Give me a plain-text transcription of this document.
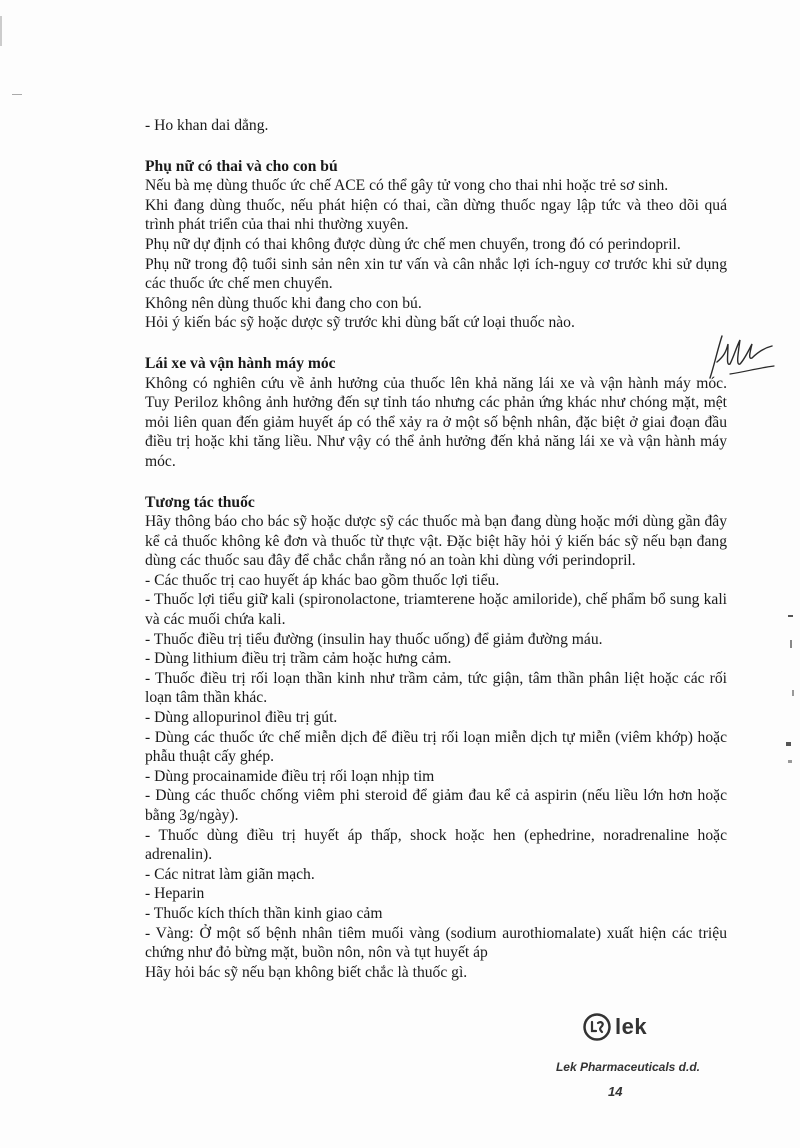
- Ho khan dai dẳng.

Phụ nữ có thai và cho con bú

Nếu bà mẹ dùng thuốc ức chế ACE có thể gây tử vong cho thai nhi hoặc trẻ sơ sinh.

Khi đang dùng thuốc, nếu phát hiện có thai, cần dừng thuốc ngay lập tức và theo dõi quá trình phát triển của thai nhi thường xuyên.

Phụ nữ dự định có thai không được dùng ức chế men chuyển, trong đó có perindopril.

Phụ nữ trong độ tuổi sinh sản nên xin tư vấn và cân nhắc lợi ích-nguy cơ trước khi sử dụng các thuốc ức chế men chuyển.

Không nên dùng thuốc khi đang cho con bú.

Hỏi ý kiến bác sỹ hoặc dược sỹ trước khi dùng bất cứ loại thuốc nào.

Lái xe và vận hành máy móc

Không có nghiên cứu về ảnh hưởng của thuốc lên khả năng lái xe và vận hành máy móc. Tuy Periloz không ảnh hưởng đến sự tỉnh táo nhưng các phản ứng khác như chóng mặt, mệt mỏi liên quan đến giảm huyết áp có thể xảy ra ở một số bệnh nhân, đặc biệt ở giai đoạn đầu điều trị hoặc khi tăng liều. Như vậy có thể ảnh hưởng đến khả năng lái xe và vận hành máy móc.

Tương tác thuốc

Hãy thông báo cho bác sỹ hoặc dược sỹ các thuốc mà bạn đang dùng hoặc mới dùng gần đây kể cả thuốc không kê đơn và thuốc từ thực vật. Đặc biệt hãy hỏi ý kiến bác sỹ nếu bạn đang dùng các thuốc sau đây để chắc chắn rằng nó an toàn khi dùng với perindopril.

- Các thuốc trị cao huyết áp khác bao gồm thuốc lợi tiểu.

- Thuốc lợi tiểu giữ kali (spironolactone, triamterene hoặc amiloride), chế phẩm bổ sung kali và các muối chứa kali.

- Thuốc điều trị tiểu đường (insulin hay thuốc uống) để giảm đường máu.

- Dùng lithium điều trị trầm cảm hoặc hưng cảm.

- Thuốc điều trị rối loạn thần kinh như trầm cảm, tức giận, tâm thần phân liệt hoặc các rối loạn tâm thần khác.

- Dùng allopurinol điều trị gút.

- Dùng các thuốc ức chế miễn dịch để điều trị rối loạn miễn dịch tự miễn (viêm khớp) hoặc phẫu thuật cấy ghép.

- Dùng procainamide điều trị rối loạn nhịp tim

- Dùng các thuốc chống viêm phi steroid để giảm đau kể cả aspirin (nếu liều lớn hơn hoặc bằng 3g/ngày).

- Thuốc dùng điều trị huyết áp thấp, shock hoặc hen (ephedrine, noradrenaline hoặc adrenalin).

- Các nitrat làm giãn mạch.

- Heparin

- Thuốc kích thích thần kinh giao cảm

- Vàng: Ở một số bệnh nhân tiêm muối vàng (sodium aurothiomalate) xuất hiện các triệu chứng như đỏ bừng mặt, buồn nôn, nôn và tụt huyết áp

Hãy hỏi bác sỹ nếu bạn không biết chắc là thuốc gì.

lek
Lek Pharmaceuticals d.d.
14
